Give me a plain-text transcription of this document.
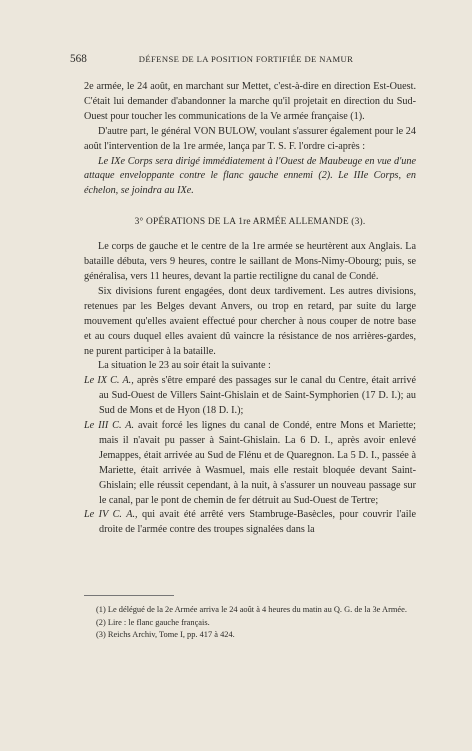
568	DÉFENSE DE LA POSITION FORTIFIÉE DE NAMUR

2e armée, le 24 août, en marchant sur Mettet, c'est-à-dire en direction Est-Ouest. C'était lui demander d'abandonner la marche qu'il projetait en direction du Sud-Ouest pour toucher les communications de la Ve armée française (1).

D'autre part, le général VON BULOW, voulant s'assurer également pour le 24 août l'intervention de la 1re armée, lança par T. S. F. l'ordre ci-après :

Le IXe Corps sera dirigé immédiatement à l'Ouest de Maubeuge en vue d'une attaque enveloppante contre le flanc gauche ennemi (2). Le IIIe Corps, en échelon, se joindra au IXe.

3° OPÉRATIONS DE LA 1re ARMÉE ALLEMANDE (3).

Le corps de gauche et le centre de la 1re armée se heurtèrent aux Anglais. La bataille débuta, vers 9 heures, contre le saillant de Mons-Nimy-Obourg; puis, se généralisa, vers 11 heures, devant la partie rectiligne du canal de Condé.

Six divisions furent engagées, dont deux tardivement. Les autres divisions, retenues par les Belges devant Anvers, ou trop en retard, par suite du large mouvement qu'elles avaient effectué pour chercher à nous couper de notre base et au cours duquel elles avaient dû vaincre la résistance de nos arrières-gardes, ne purent participer à la bataille.

La situation le 23 au soir était la suivante :

Le IX C. A., après s'être emparé des passages sur le canal du Centre, était arrivé au Sud-Ouest de Villers Saint-Ghislain et de Saint-Symphorien (17 D. I.); au Sud de Mons et de Hyon (18 D. I.);

Le III C. A. avait forcé les lignes du canal de Condé, entre Mons et Mariette; mais il n'avait pu passer à Saint-Ghislain. La 6 D. I., après avoir enlevé Jemappes, était arrivée au Sud de Flénu et de Quaregnon. La 5 D. I., passée à Mariette, était arrivée à Wasmuel, mais elle restait bloquée devant Saint-Ghislain; elle réussit cependant, à la nuit, à s'assurer un nouveau passage sur le canal, par le pont de chemin de fer détruit au Sud-Ouest de Tertre;

Le IV C. A., qui avait été arrêté vers Stambruge-Basècles, pour couvrir l'aile droite de l'armée contre des troupes signalées dans la

(1) Le délégué de la 2e Armée arriva le 24 août à 4 heures du matin au Q. G. de la 3e Armée.

(2) Lire : le flanc gauche français.

(3) Reichs Archiv, Tome I, pp. 417 à 424.
